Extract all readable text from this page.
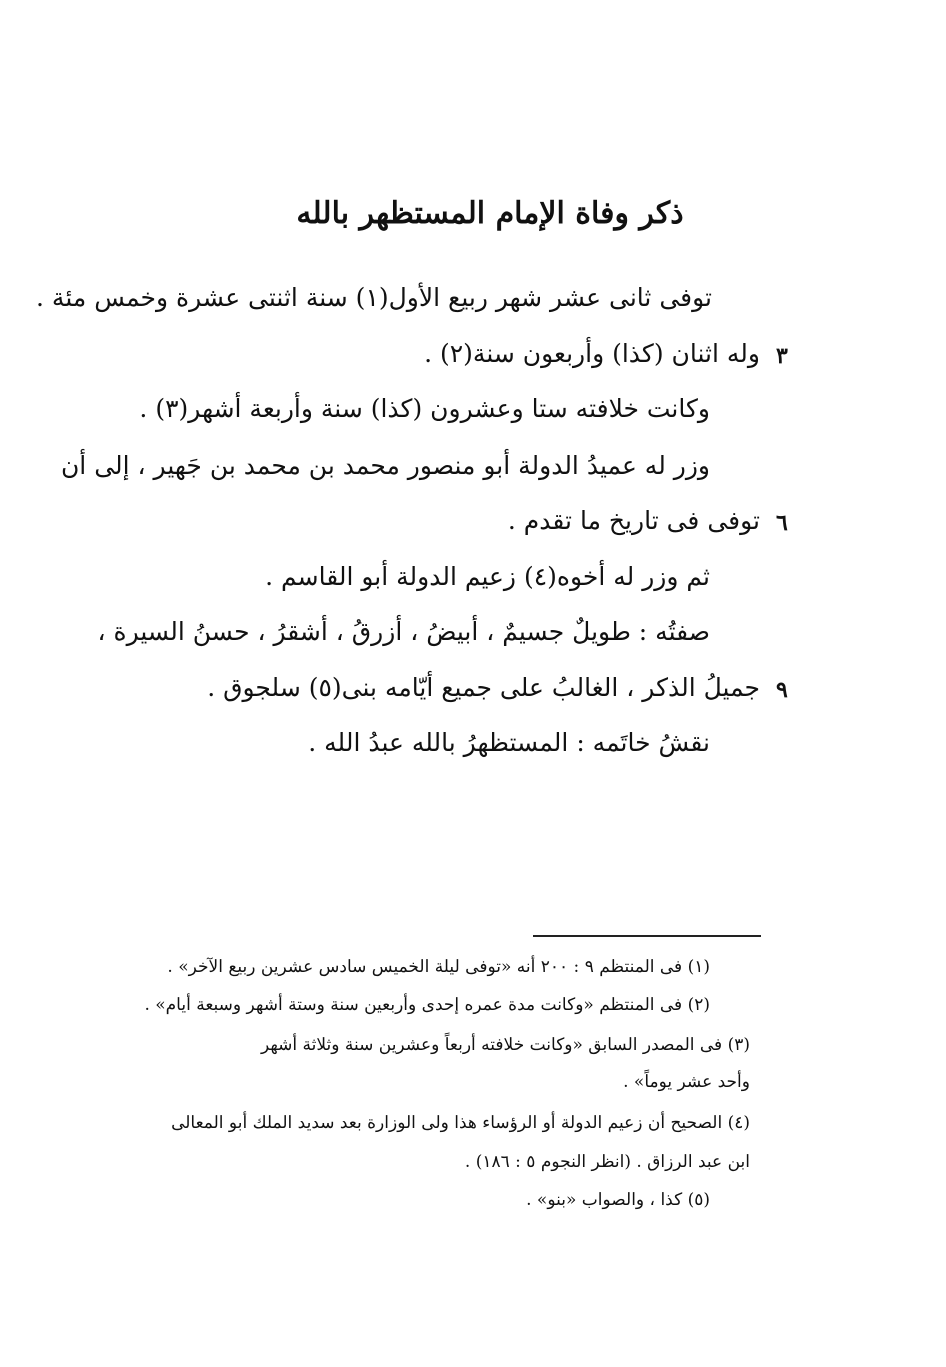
ذكر وفاة الإمام المستظهر بالله
توفى ثانى عشر شهر ربيع الأول(١) سنة اثنتى عشرة وخمس مئة .
وله اثنان (كذا) وأربعون سنة(٢) . ٣
وكانت خلافته ستا وعشرون (كذا) سنة وأربعة أشهر(٣) .
وزر له عميدُ الدولة أبو منصور محمد بن محمد بن جَهير ، إلى أن
توفى فى تاريخ ما تقدم . ٦
ثم وزر له أخوه(٤) زعيم الدولة أبو القاسم .
صفتُه : طويلٌ جسيمٌ ، أبيضُ ، أزرقُ ، أشقرُ ، حسنُ السيرة ،
جميلُ الذكر ، الغالبُ على جميع أيّامه بنى(٥) سلجوق . ٩
نقشُ خاتَمه : المستظهرُ بالله عبدُ الله .
(١) فى المنتظم ٩ : ٢٠٠ أنه «توفى ليلة الخميس سادس عشرين ربيع الآخر» .
(٢) فى المنتظم «وكانت مدة عمره إحدى وأربعين سنة وستة أشهر وسبعة أيام» .
(٣) فى المصدر السابق «وكانت خلافته أربعاً وعشرين سنة وثلاثة أشهر
وأحد عشر يوماً» .
(٤) الصحيح أن زعيم الدولة أو الرؤساء هذا ولى الوزارة بعد سديد الملك أبو المعالى
ابن عبد الرزاق . (انظر النجوم ٥ : ١٨٦) .
(٥) كذا ، والصواب «بنو» .
